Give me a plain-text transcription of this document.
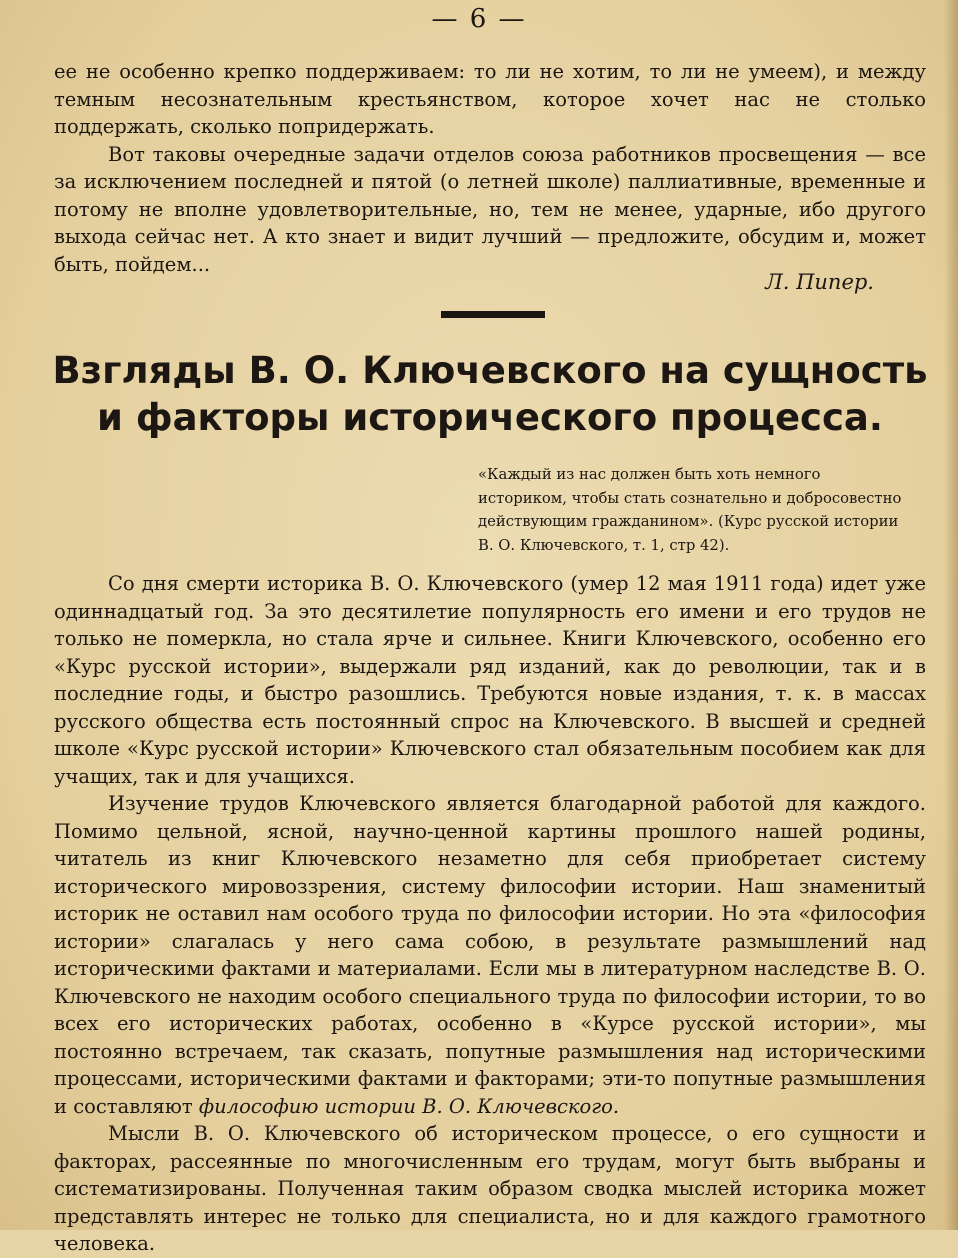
— 6 —

ее не особенно крепко поддерживаем: то ли не хотим, то ли не умеем), и между темным несознательным крестьянством, которое хочет нас не столько поддержать, сколько попридержать.

Вот таковы очередные задачи отделов союза работников просвещения — все за исключением последней и пятой (о летней школе) паллиативные, временные и потому не вполне удовлетворительные, но, тем не менее, ударные, ибо другого выхода сейчас нет. А кто знает и видит лучший — предложите, обсудим и, может быть, пойдем...

Л. Пипер.
Взгляды В. О. Ключевского на сущность
и факторы исторического процесса.
«Каждый из нас должен быть хоть немного
историком, чтобы стать сознательно и добросовестно
действующим гражданином». (Курс русской истории
В. О. Ключевского, т. 1, стр 42).

Со дня смерти историка В. О. Ключевского (умер 12 мая 1911 года) идет уже одиннадцатый год. За это десятилетие популярность его имени и его трудов не только не померкла, но стала ярче и сильнее. Книги Ключевского, особенно его «Курс русской истории», выдержали ряд изданий, как до революции, так и в последние годы, и быстро разошлись. Требуются новые издания, т. к. в массах русского общества есть постоянный спрос на Ключевского. В высшей и средней школе «Курс русской истории» Ключевского стал обязательным пособием как для учащих, так и для учащихся.

Изучение трудов Ключевского является благодарной работой для каждого. Помимо цельной, ясной, научно-ценной картины прошлого нашей родины, читатель из книг Ключевского незаметно для себя приобретает систему исторического мировоззрения, систему философии истории. Наш знаменитый историк не оставил нам особого труда по философии истории. Но эта «философия истории» слагалась у него сама собою, в результате размышлений над историческими фактами и материалами. Если мы в литературном наследстве В. О. Ключевского не находим особого специального труда по философии истории, то во всех его исторических работах, особенно в «Курсе русской истории», мы постоянно встречаем, так сказать, попутные размышления над историческими процессами, историческими фактами и факторами; эти-то попутные размышления и составляют философию истории В. О. Ключевского.

Мысли В. О. Ключевского об историческом процессе, о его сущности и факторах, рассеянные по многочисленным его трудам, могут быть выбраны и систематизированы. Полученная таким образом сводка мыслей историка может представлять интерес не только для специалиста, но и для каждого грамотного человека.
